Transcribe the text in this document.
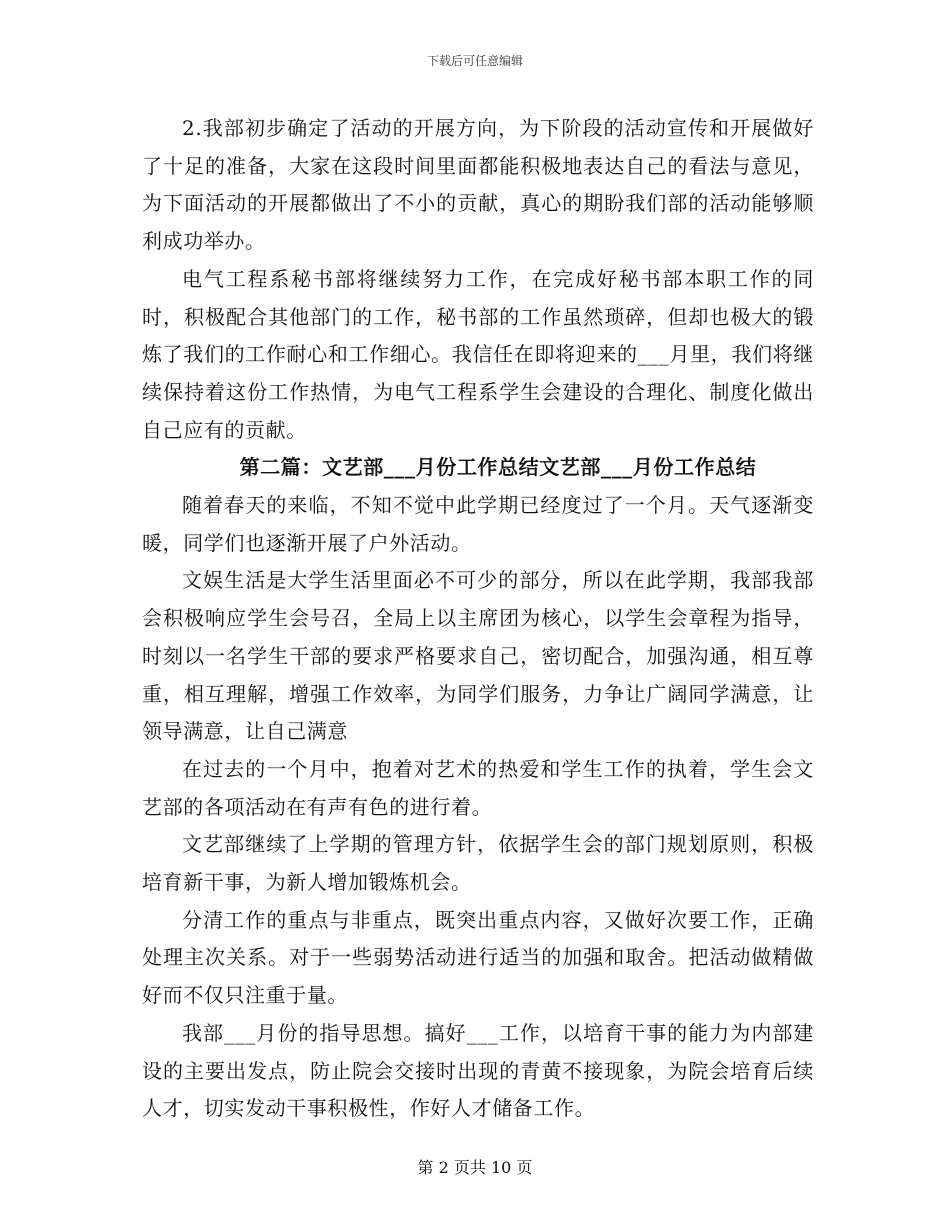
下载后可任意编辑

2.我部初步确定了活动的开展方向，为下阶段的活动宣传和开展做好了十足的准备，大家在这段时间里面都能积极地表达自己的看法与意见，为下面活动的开展都做出了不小的贡献，真心的期盼我们部的活动能够顺利成功举办。

电气工程系秘书部将继续努力工作，在完成好秘书部本职工作的同时，积极配合其他部门的工作，秘书部的工作虽然琐碎，但却也极大的锻炼了我们的工作耐心和工作细心。我信任在即将迎来的___月里，我们将继续保持着这份工作热情，为电气工程系学生会建设的合理化、制度化做出自己应有的贡献。

第二篇：文艺部___月份工作总结文艺部___月份工作总结

随着春天的来临，不知不觉中此学期已经度过了一个月。天气逐渐变暖，同学们也逐渐开展了户外活动。

文娱生活是大学生活里面必不可少的部分，所以在此学期，我部我部会积极响应学生会号召，全局上以主席团为核心，以学生会章程为指导，时刻以一名学生干部的要求严格要求自己，密切配合，加强沟通，相互尊重，相互理解，增强工作效率，为同学们服务，力争让广阔同学满意，让领导满意，让自己满意

在过去的一个月中，抱着对艺术的热爱和学生工作的执着，学生会文艺部的各项活动在有声有色的进行着。

文艺部继续了上学期的管理方针，依据学生会的部门规划原则，积极培育新干事，为新人增加锻炼机会。

分清工作的重点与非重点，既突出重点内容，又做好次要工作，正确处理主次关系。对于一些弱势活动进行适当的加强和取舍。把活动做精做好而不仅只注重于量。

我部___月份的指导思想。搞好___工作，以培育干事的能力为内部建设的主要出发点，防止院会交接时出现的青黄不接现象，为院会培育后续人才，切实发动干事积极性，作好人才储备工作。

第 2 页共 10 页
